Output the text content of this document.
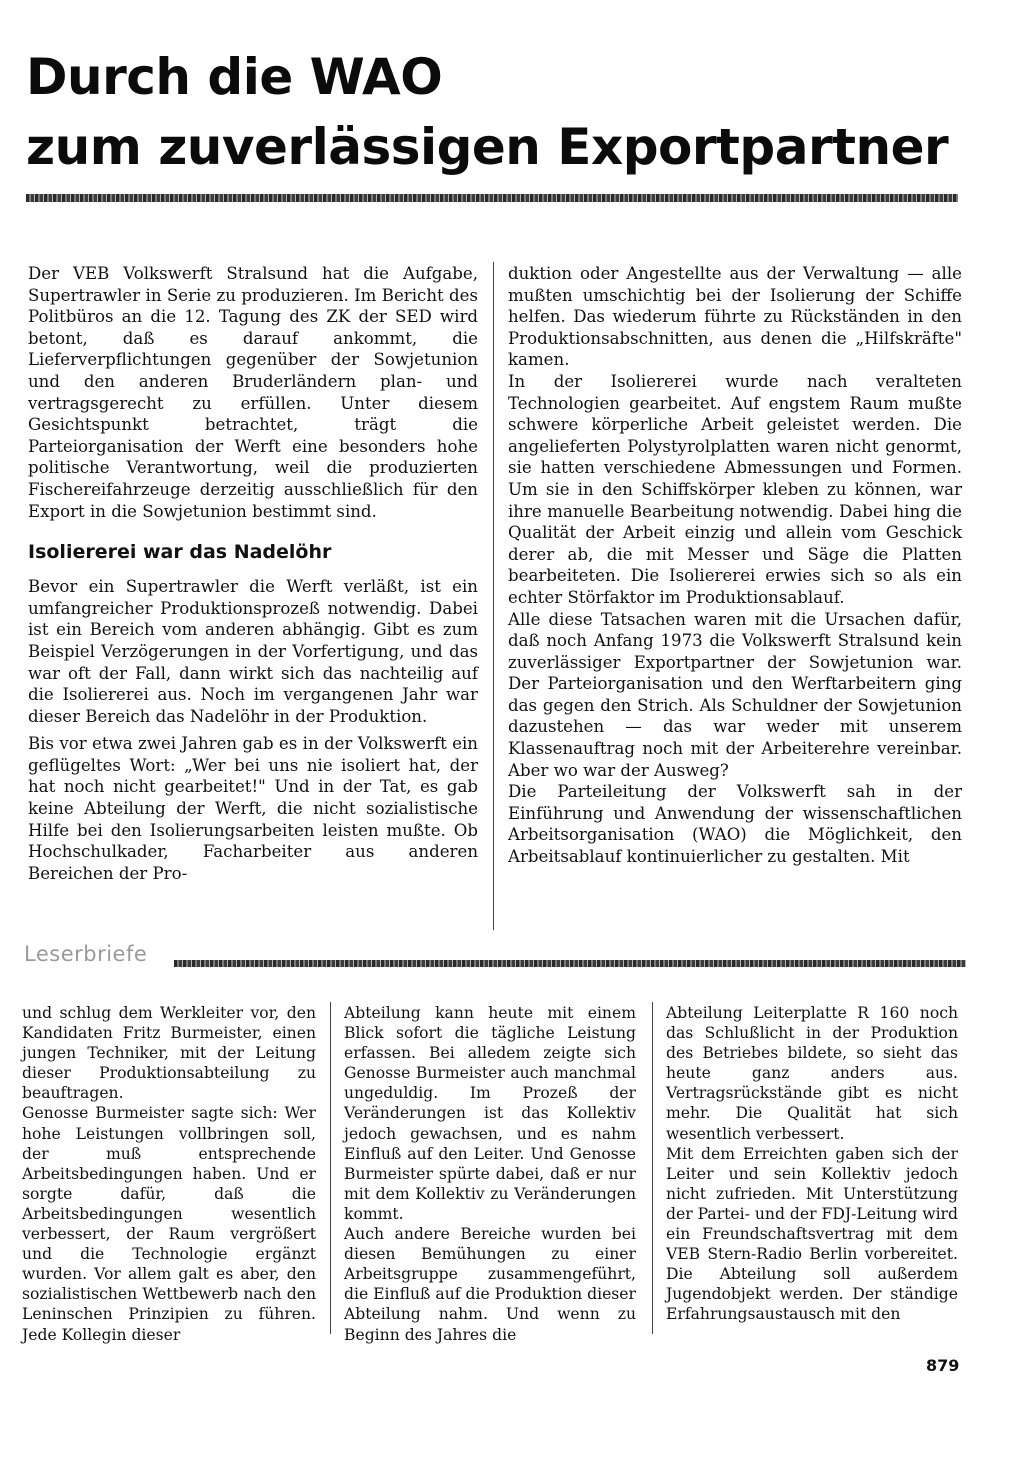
Durch die WAO
zum zuverlässigen Exportpartner

Der VEB Volkswerft Stralsund hat die Aufgabe, Supertrawler in Serie zu produzieren. Im Bericht des Politbüros an die 12. Tagung des ZK der SED wird betont, daß es darauf ankommt, die Lieferverpflichtungen gegenüber der Sowjetunion und den anderen Bruderländern plan- und vertragsgerecht zu erfüllen. Unter diesem Gesichtspunkt betrachtet, trägt die Parteiorganisation der Werft eine besonders hohe politische Verantwortung, weil die produzierten Fischereifahrzeuge derzeitig ausschließlich für den Export in die Sowjetunion bestimmt sind.

Isoliererei war das Nadelöhr

Bevor ein Supertrawler die Werft verläßt, ist ein umfangreicher Produktionsprozeß notwendig. Dabei ist ein Bereich vom anderen abhängig. Gibt es zum Beispiel Verzögerungen in der Vorfertigung, und das war oft der Fall, dann wirkt sich das nachteilig auf die Isoliererei aus. Noch im vergangenen Jahr war dieser Bereich das Nadelöhr in der Produktion.

Bis vor etwa zwei Jahren gab es in der Volkswerft ein geflügeltes Wort: „Wer bei uns nie isoliert hat, der hat noch nicht gearbeitet!" Und in der Tat, es gab keine Abteilung der Werft, die nicht sozialistische Hilfe bei den Isolierungsarbeiten leisten mußte. Ob Hochschulkader, Facharbeiter aus anderen Bereichen der Pro-

duktion oder Angestellte aus der Verwaltung — alle mußten umschichtig bei der Isolierung der Schiffe helfen. Das wiederum führte zu Rückständen in den Produktionsabschnitten, aus denen die „Hilfskräfte" kamen.

In der Isoliererei wurde nach veralteten Technologien gearbeitet. Auf engstem Raum mußte schwere körperliche Arbeit geleistet werden. Die angelieferten Polystyrolplatten waren nicht genormt, sie hatten verschiedene Abmessungen und Formen. Um sie in den Schiffskörper kleben zu können, war ihre manuelle Bearbeitung notwendig. Dabei hing die Qualität der Arbeit einzig und allein vom Geschick derer ab, die mit Messer und Säge die Platten bearbeiteten. Die Isoliererei erwies sich so als ein echter Störfaktor im Produktionsablauf.

Alle diese Tatsachen waren mit die Ursachen dafür, daß noch Anfang 1973 die Volkswerft Stralsund kein zuverlässiger Exportpartner der Sowjetunion war. Der Parteiorganisation und den Werftarbeitern ging das gegen den Strich. Als Schuldner der Sowjetunion dazustehen — das war weder mit unserem Klassenauftrag noch mit der Arbeiterehre vereinbar. Aber wo war der Ausweg?

Die Parteileitung der Volkswerft sah in der Einführung und Anwendung der wissenschaftlichen Arbeitsorganisation (WAO) die Möglichkeit, den Arbeitsablauf kontinuierlicher zu gestalten. Mit

Leserbriefe

und schlug dem Werkleiter vor, den Kandidaten Fritz Burmeister, einen jungen Techniker, mit der Leitung dieser Produktionsabteilung zu beauftragen.

Genosse Burmeister sagte sich: Wer hohe Leistungen vollbringen soll, der muß entsprechende Arbeitsbedingungen haben. Und er sorgte dafür, daß die Arbeitsbedingungen wesentlich verbessert, der Raum vergrößert und die Technologie ergänzt wurden. Vor allem galt es aber, den sozialistischen Wettbewerb nach den Leninschen Prinzipien zu führen. Jede Kollegin dieser

Abteilung kann heute mit einem Blick sofort die tägliche Leistung erfassen. Bei alledem zeigte sich Genosse Burmeister auch manchmal ungeduldig. Im Prozeß der Veränderungen ist das Kollektiv jedoch gewachsen, und es nahm Einfluß auf den Leiter. Und Genosse Burmeister spürte dabei, daß er nur mit dem Kollektiv zu Veränderungen kommt.

Auch andere Bereiche wurden bei diesen Bemühungen zu einer Arbeitsgruppe zusammengeführt, die Einfluß auf die Produktion dieser Abteilung nahm. Und wenn zu Beginn des Jahres die

Abteilung Leiterplatte R 160 noch das Schlußlicht in der Produktion des Betriebes bildete, so sieht das heute ganz anders aus. Vertragsrückstände gibt es nicht mehr. Die Qualität hat sich wesentlich verbessert.

Mit dem Erreichten gaben sich der Leiter und sein Kollektiv jedoch nicht zufrieden. Mit Unterstützung der Partei- und der FDJ-Leitung wird ein Freundschaftsvertrag mit dem VEB Stern-Radio Berlin vorbereitet. Die Abteilung soll außerdem Jugendobjekt werden. Der ständige Erfahrungsaustausch mit den

879
